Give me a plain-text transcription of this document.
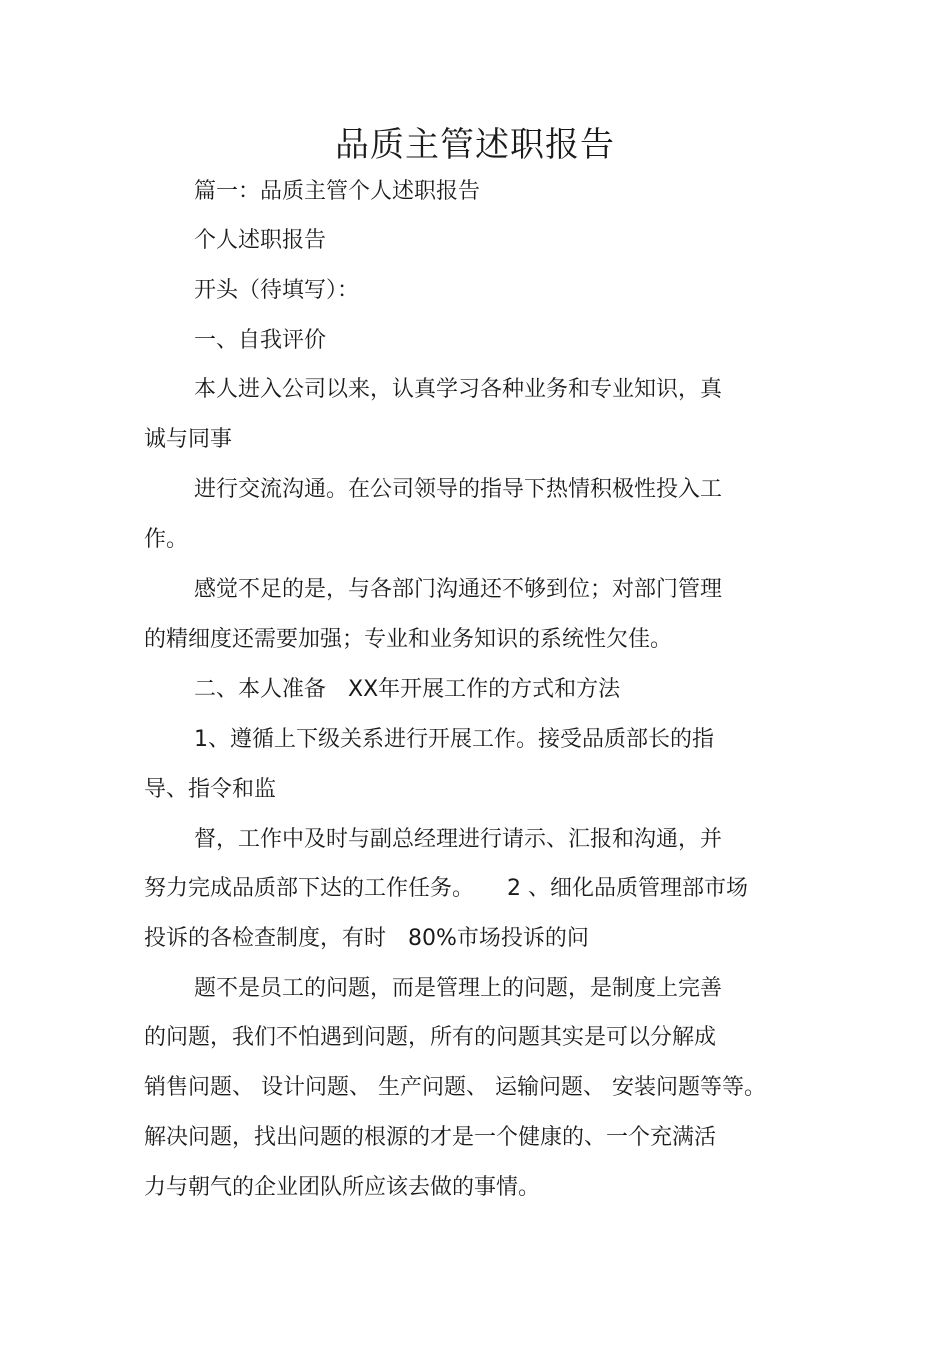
品质主管述职报告

篇一：品质主管个人述职报告

个人述职报告

开头（待填写）：

一、自我评价

本人进入公司以来，认真学习各种业务和专业知识，真

诚与同事

进行交流沟通。在公司领导的指导下热情积极性投入工

作。

感觉不足的是，与各部门沟通还不够到位；对部门管理

的精细度还需要加强；专业和业务知识的系统性欠佳。

二、本人准备　XX年开展工作的方式和方法

1、遵循上下级关系进行开展工作。接受品质部长的指

导、指令和监

督，工作中及时与副总经理进行请示、汇报和沟通，并

努力完成品质部下达的工作任务。　　2 、细化品质管理部市场

投诉的各检查制度，有时　80%市场投诉的问

题不是员工的问题，而是管理上的问题，是制度上完善

的问题，我们不怕遇到问题，所有的问题其实是可以分解成

销售问题、 设计问题、 生产问题、 运输问题、 安装问题等等。

解决问题，找出问题的根源的才是一个健康的、一个充满活

力与朝气的企业团队所应该去做的事情。
